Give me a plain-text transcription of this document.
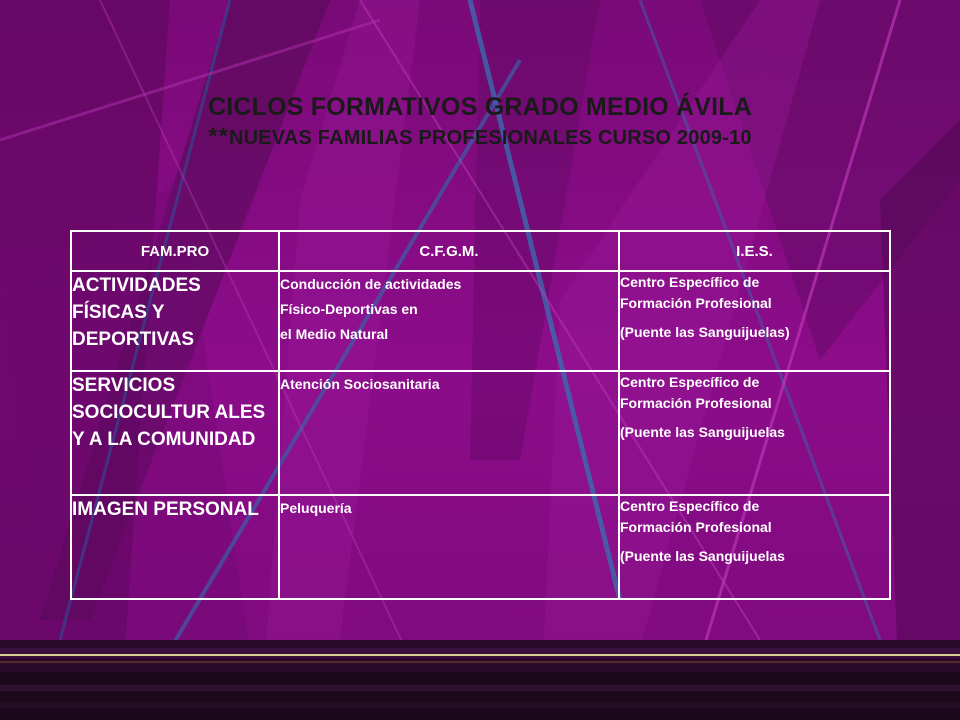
CICLOS FORMATIVOS GRADO MEDIO ÁVILA
**NUEVAS FAMILIAS PROFESIONALES CURSO 2009-10
FAM.PRO	C.F.G.M.	I.E.S.
ACTIVIDADES FÍSICAS Y DEPORTIVAS	Conducción de actividades
Físico-Deportivas en
el Medio Natural	Centro Específico de
Formación Profesional
(Puente las Sanguijuelas)

SERVICIOS SOCIOCULTUR ALES Y A LA COMUNIDAD	Atención Sociosanitaria	Centro Específico de
Formación Profesional
(Puente las Sanguijuelas

IMAGEN PERSONAL	Peluquería	Centro Específico de
Formación Profesional
(Puente las Sanguijuelas
